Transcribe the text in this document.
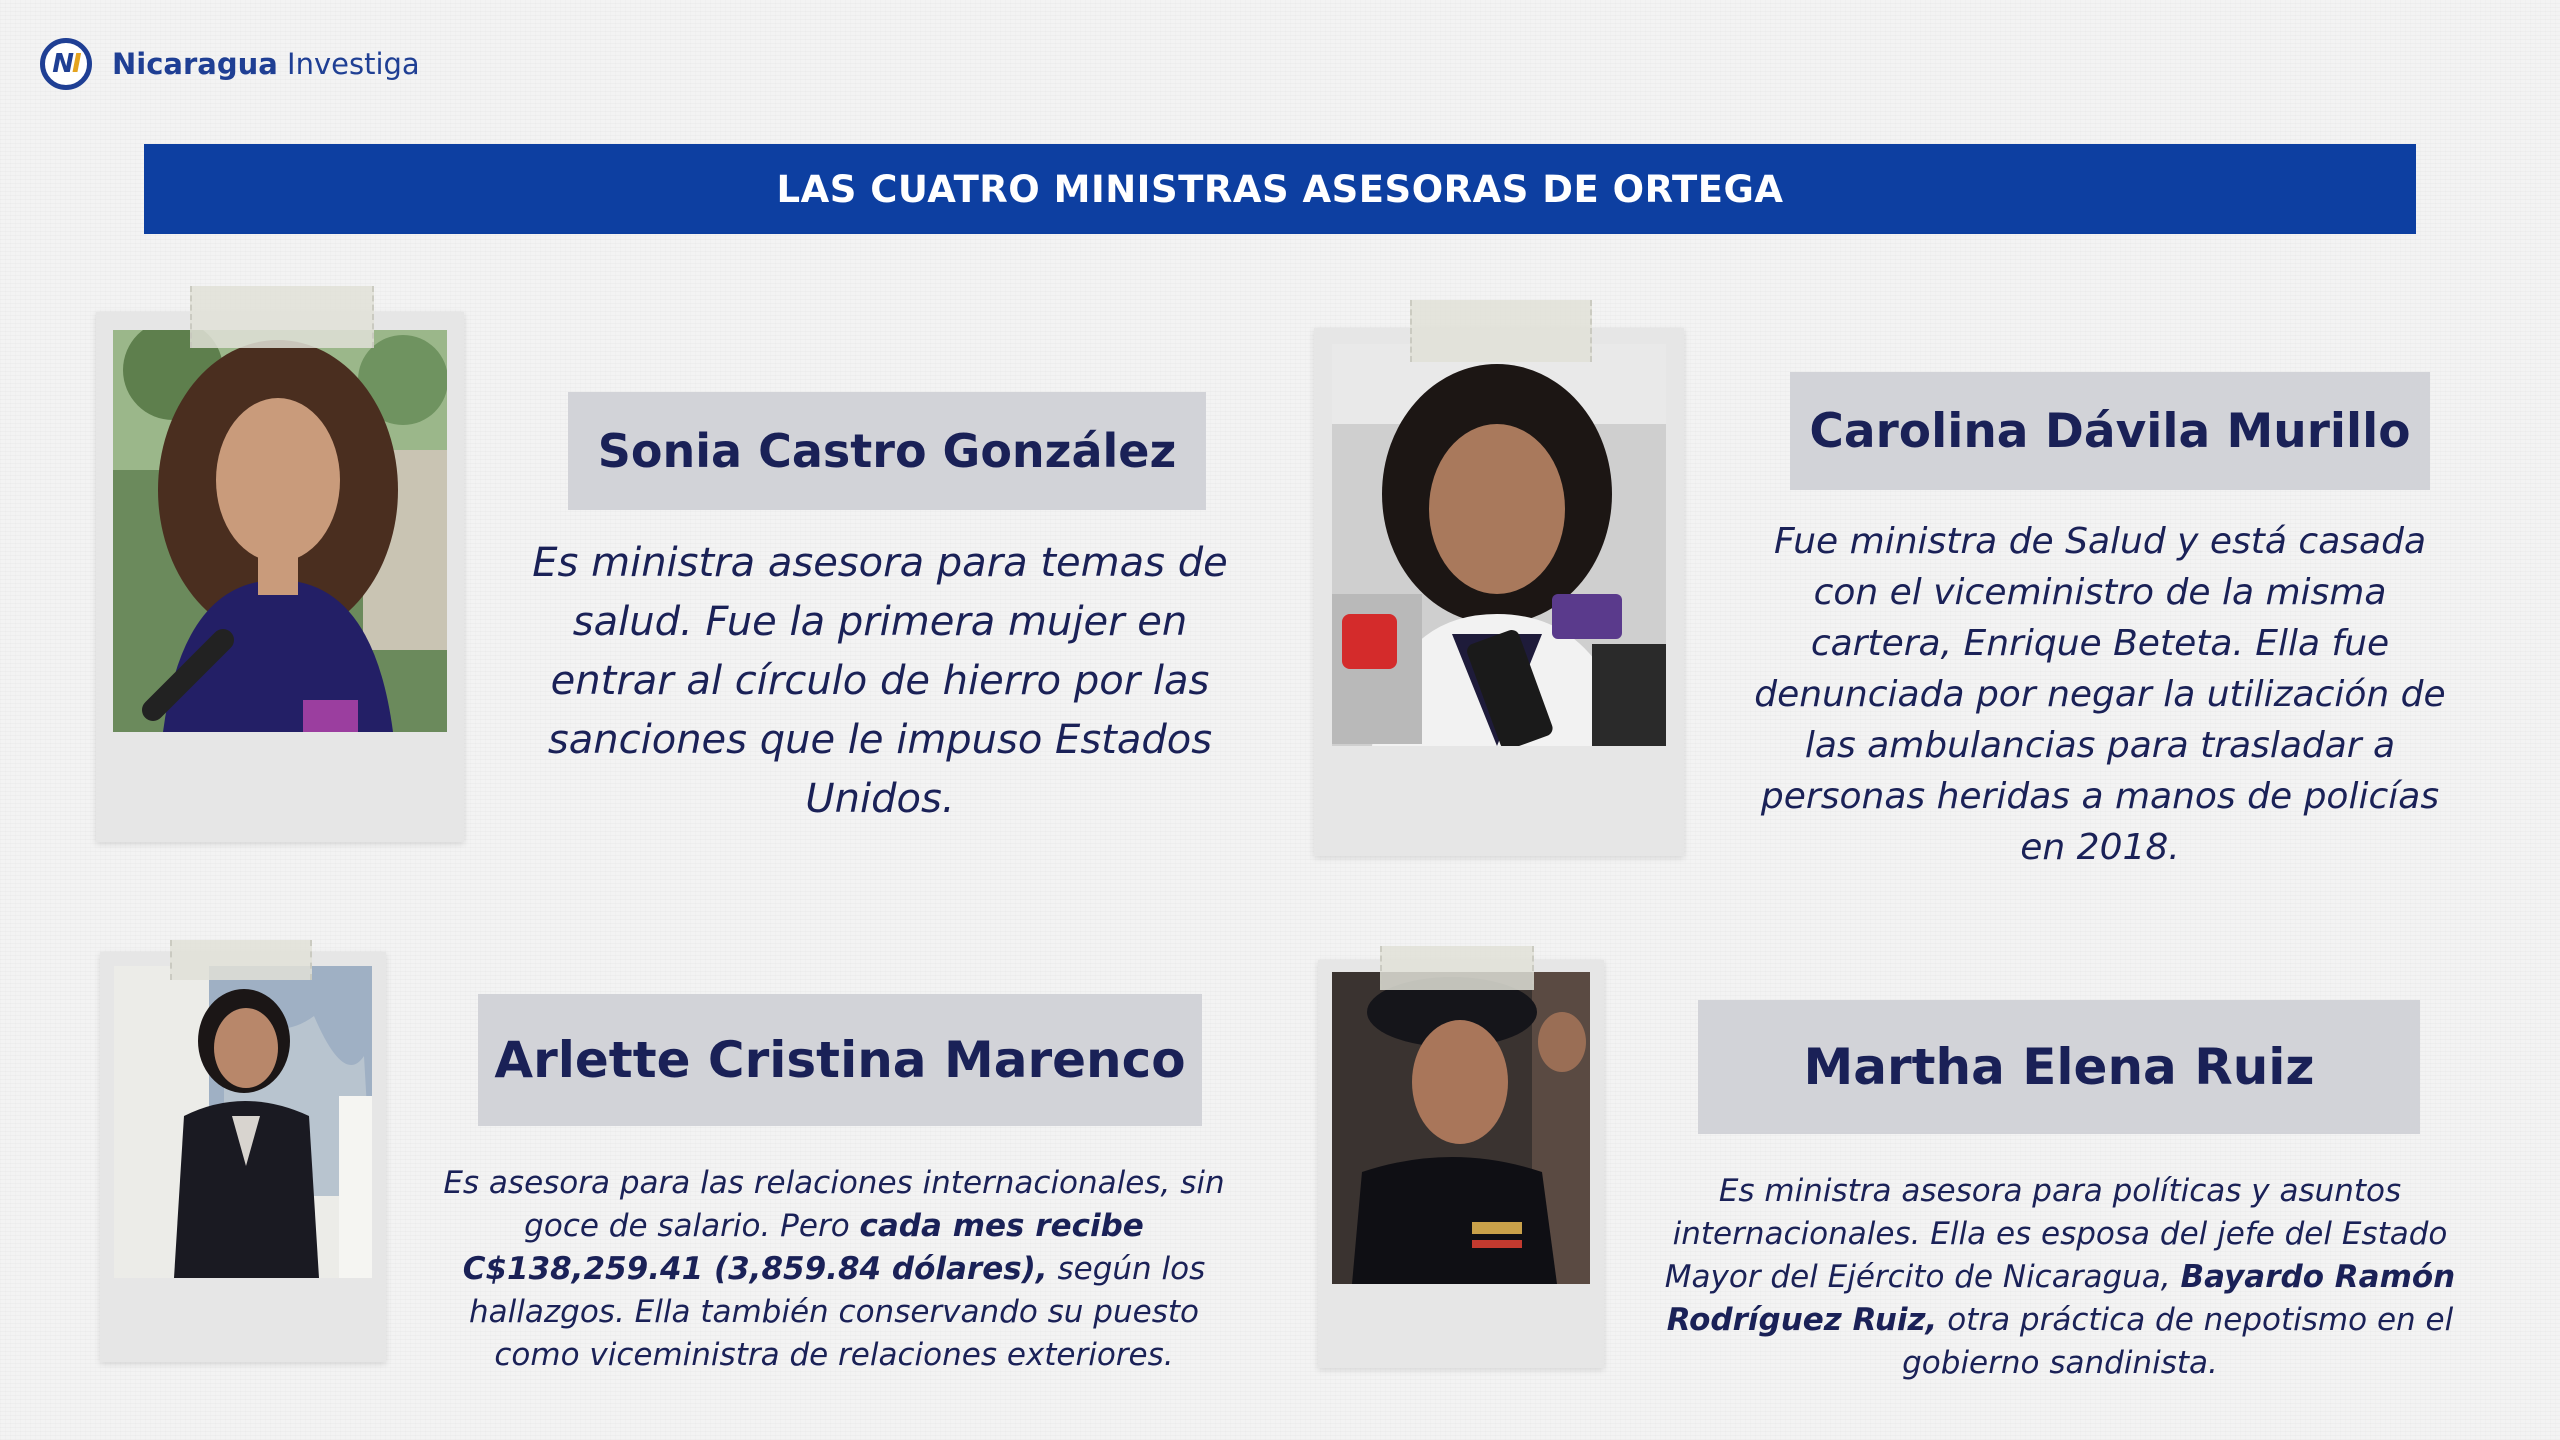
N I Nicaragua Investiga
LAS CUATRO MINISTRAS ASESORAS DE ORTEGA
Sonia Castro González
Es ministra asesora para temas de salud. Fue la primera mujer en entrar al círculo de hierro por las sanciones que le impuso Estados Unidos.
Carolina Dávila Murillo
Fue ministra de Salud y está casada con el viceministro de la misma cartera, Enrique Beteta. Ella fue denunciada por negar la utilización de las ambulancias para trasladar a personas heridas a manos de policías en 2018.
Arlette Cristina Marenco
Es asesora para las relaciones internacionales, sin goce de salario. Pero cada mes recibe C$138,259.41 (3,859.84 dólares), según los hallazgos. Ella también conservando su puesto como viceministra de relaciones exteriores.
Martha Elena Ruiz
Es ministra asesora para políticas y asuntos internacionales. Ella es esposa del jefe del Estado Mayor del Ejército de Nicaragua, Bayardo Ramón Rodríguez Ruiz, otra práctica de nepotismo en el gobierno sandinista.
